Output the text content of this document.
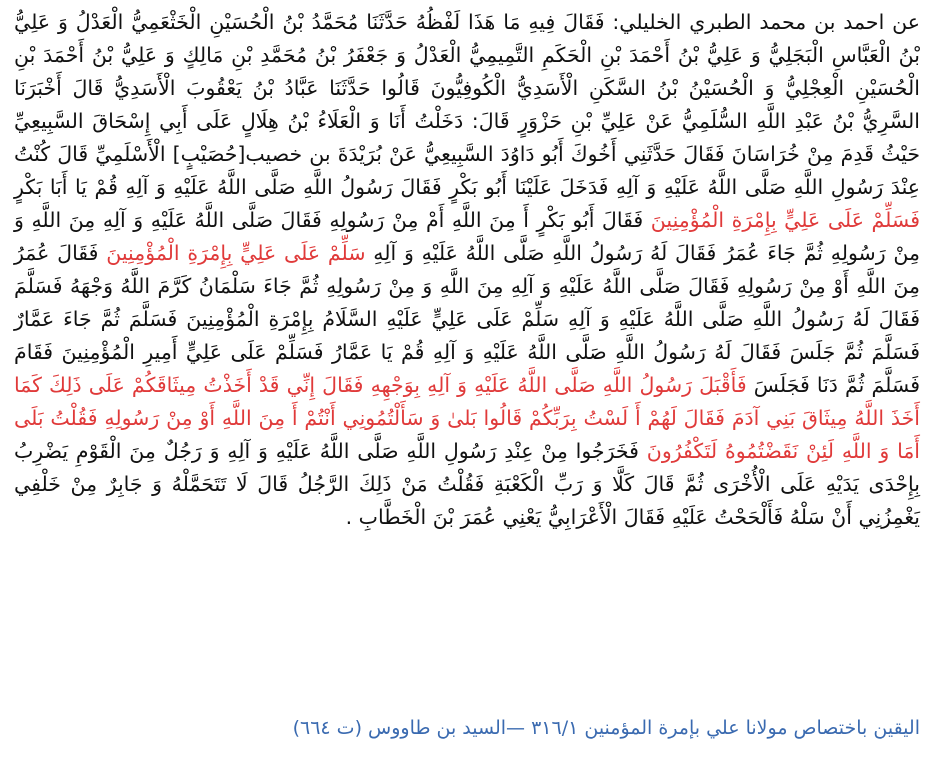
عن احمد بن محمد الطبري الخليلي: فَقَالَ فِيهِ مَا هَذَا لَفْظُهُ حَدَّثَنَا مُحَمَّدُ بْنُ الْحُسَيْنِ الْخَثْعَمِيُّ الْعَدْلُ وَ عَلِيُّ بْنُ الْعَبَّاسِ الْبَجَلِيُّ وَ عَلِيُّ بْنُ أَحْمَدَ بْنِ الْحَكَمِ التَّمِيمِيُّ الْعَدْلُ وَ جَعْفَرُ بْنُ مُحَمَّدِ بْنِ مَالِكٍ وَ عَلِيُّ بْنُ أَحْمَدَ بْنِ الْحُسَيْنِ الْعِجْلِيُّ وَ الْحُسَيْنُ بْنُ السَّكَنِ الْأَسَدِيُّ الْكُوفِيُّونَ قَالُوا حَدَّثَنَا عَبَّادُ بْنُ يَعْقُوبَ الْأَسَدِيُّ قَالَ أَخْبَرَنَا السَّرِيُّ بْنُ عَبْدِ اللَّهِ السُّلَمِيُّ عَنْ عَلِيِّ بْنِ حَزْوَرٍ قَالَ: دَخَلْتُ أَنَا وَ الْعَلَاءُ بْنُ هِلَالٍ عَلَى أَبِي إِسْحَاقَ السَّبِيعِيِّ حَيْثُ قَدِمَ مِنْ خُرَاسَانَ فَقَالَ حَدَّثَنِي أَخُوكَ أَبُو دَاوُدَ السَّبِيعِيُّ عَنْ بُرَيْدَةَ بن خصيب[حُصَيْبٍ] الْأَسْلَمِيِّ قَالَ كُنْتُ عِنْدَ رَسُولِ اللَّهِ صَلَّى اللَّهُ عَلَيْهِ وَ آلِهِ فَدَخَلَ عَلَيْنَا أَبُو بَكْرٍ فَقَالَ رَسُولُ اللَّهِ صَلَّى اللَّهُ عَلَيْهِ وَ آلِهِ قُمْ يَا أَبَا بَكْرٍ فَسَلِّمْ عَلَى عَلِيٍّ بِإِمْرَةِ الْمُؤْمِنِينَ فَقَالَ أَبُو بَكْرٍ أَ مِنَ اللَّهِ أَمْ مِنْ رَسُولِهِ فَقَالَ صَلَّى اللَّهُ عَلَيْهِ وَ آلِهِ مِنَ اللَّهِ وَ مِنْ رَسُولِهِ ثُمَّ جَاءَ عُمَرُ فَقَالَ لَهُ رَسُولُ اللَّهِ صَلَّى اللَّهُ عَلَيْهِ وَ آلِهِ سَلِّمْ عَلَى عَلِيٍّ بِإِمْرَةِ الْمُؤْمِنِينَ فَقَالَ عُمَرُ مِنَ اللَّهِ أَوْ مِنْ رَسُولِهِ فَقَالَ صَلَّى اللَّهُ عَلَيْهِ وَ آلِهِ مِنَ اللَّهِ وَ مِنْ رَسُولِهِ ثُمَّ جَاءَ سَلْمَانُ كَرَّمَ اللَّهُ وَجْهَهُ فَسَلَّمَ فَقَالَ لَهُ رَسُولُ اللَّهِ صَلَّى اللَّهُ عَلَيْهِ وَ آلِهِ سَلِّمْ عَلَى عَلِيٍّ عَلَيْهِ السَّلَامُ بِإِمْرَةِ الْمُؤْمِنِينَ فَسَلَّمَ ثُمَّ جَاءَ عَمَّارٌ فَسَلَّمَ ثُمَّ جَلَسَ فَقَالَ لَهُ رَسُولُ اللَّهِ صَلَّى اللَّهُ عَلَيْهِ وَ آلِهِ قُمْ يَا عَمَّارُ فَسَلِّمْ عَلَى عَلِيٍّ أَمِيرِ الْمُؤْمِنِينَ فَقَامَ فَسَلَّمَ ثُمَّ دَنَا فَجَلَسَ فَأَقْبَلَ رَسُولُ اللَّهِ صَلَّى اللَّهُ عَلَيْهِ وَ آلِهِ بِوَجْهِهِ فَقَالَ إِنِّي قَدْ أَخَذْتُ مِيثَاقَكُمْ عَلَى ذَلِكَ كَمَا أَخَذَ اللَّهُ مِيثَاقَ بَنِي آدَمَ فَقَالَ لَهُمْ أَ لَسْتُ بِرَبِّكُمْ قَالُوا بَلىٰ وَ سَأَلْتُمُونِي أَنْتُمْ أَ مِنَ اللَّهِ أَوْ مِنْ رَسُولِهِ فَقُلْتُ بَلَى أَمَا وَ اللَّهِ لَئِنْ نَقَضْتُمُوهُ لَتَكْفُرُونَ فَخَرَجُوا مِنْ عِنْدِ رَسُولِ اللَّهِ صَلَّى اللَّهُ عَلَيْهِ وَ آلِهِ وَ رَجُلٌ مِنَ الْقَوْمِ يَضْرِبُ بِإِحْدَى يَدَيْهِ عَلَى الْأُخْرَى ثُمَّ قَالَ كَلَّا وَ رَبِّ الْكَعْبَةِ فَقُلْتُ مَنْ ذَلِكَ الرَّجُلُ قَالَ لَا تَتَحَمَّلْهُ وَ جَابِرٌ مِنْ خَلْفِي يَغْمِزُنِي أَنْ سَلْهُ فَأَلْحَحْتُ عَلَيْهِ فَقَالَ الْأَعْرَابِيُّ يَعْنِي عُمَرَ بْنَ الْخَطَّابِ .

اليقين باختصاص مولانا علي بإمرة المؤمنين ٣١٦/١ —السيد بن طاووس (ت ٦٦٤)
